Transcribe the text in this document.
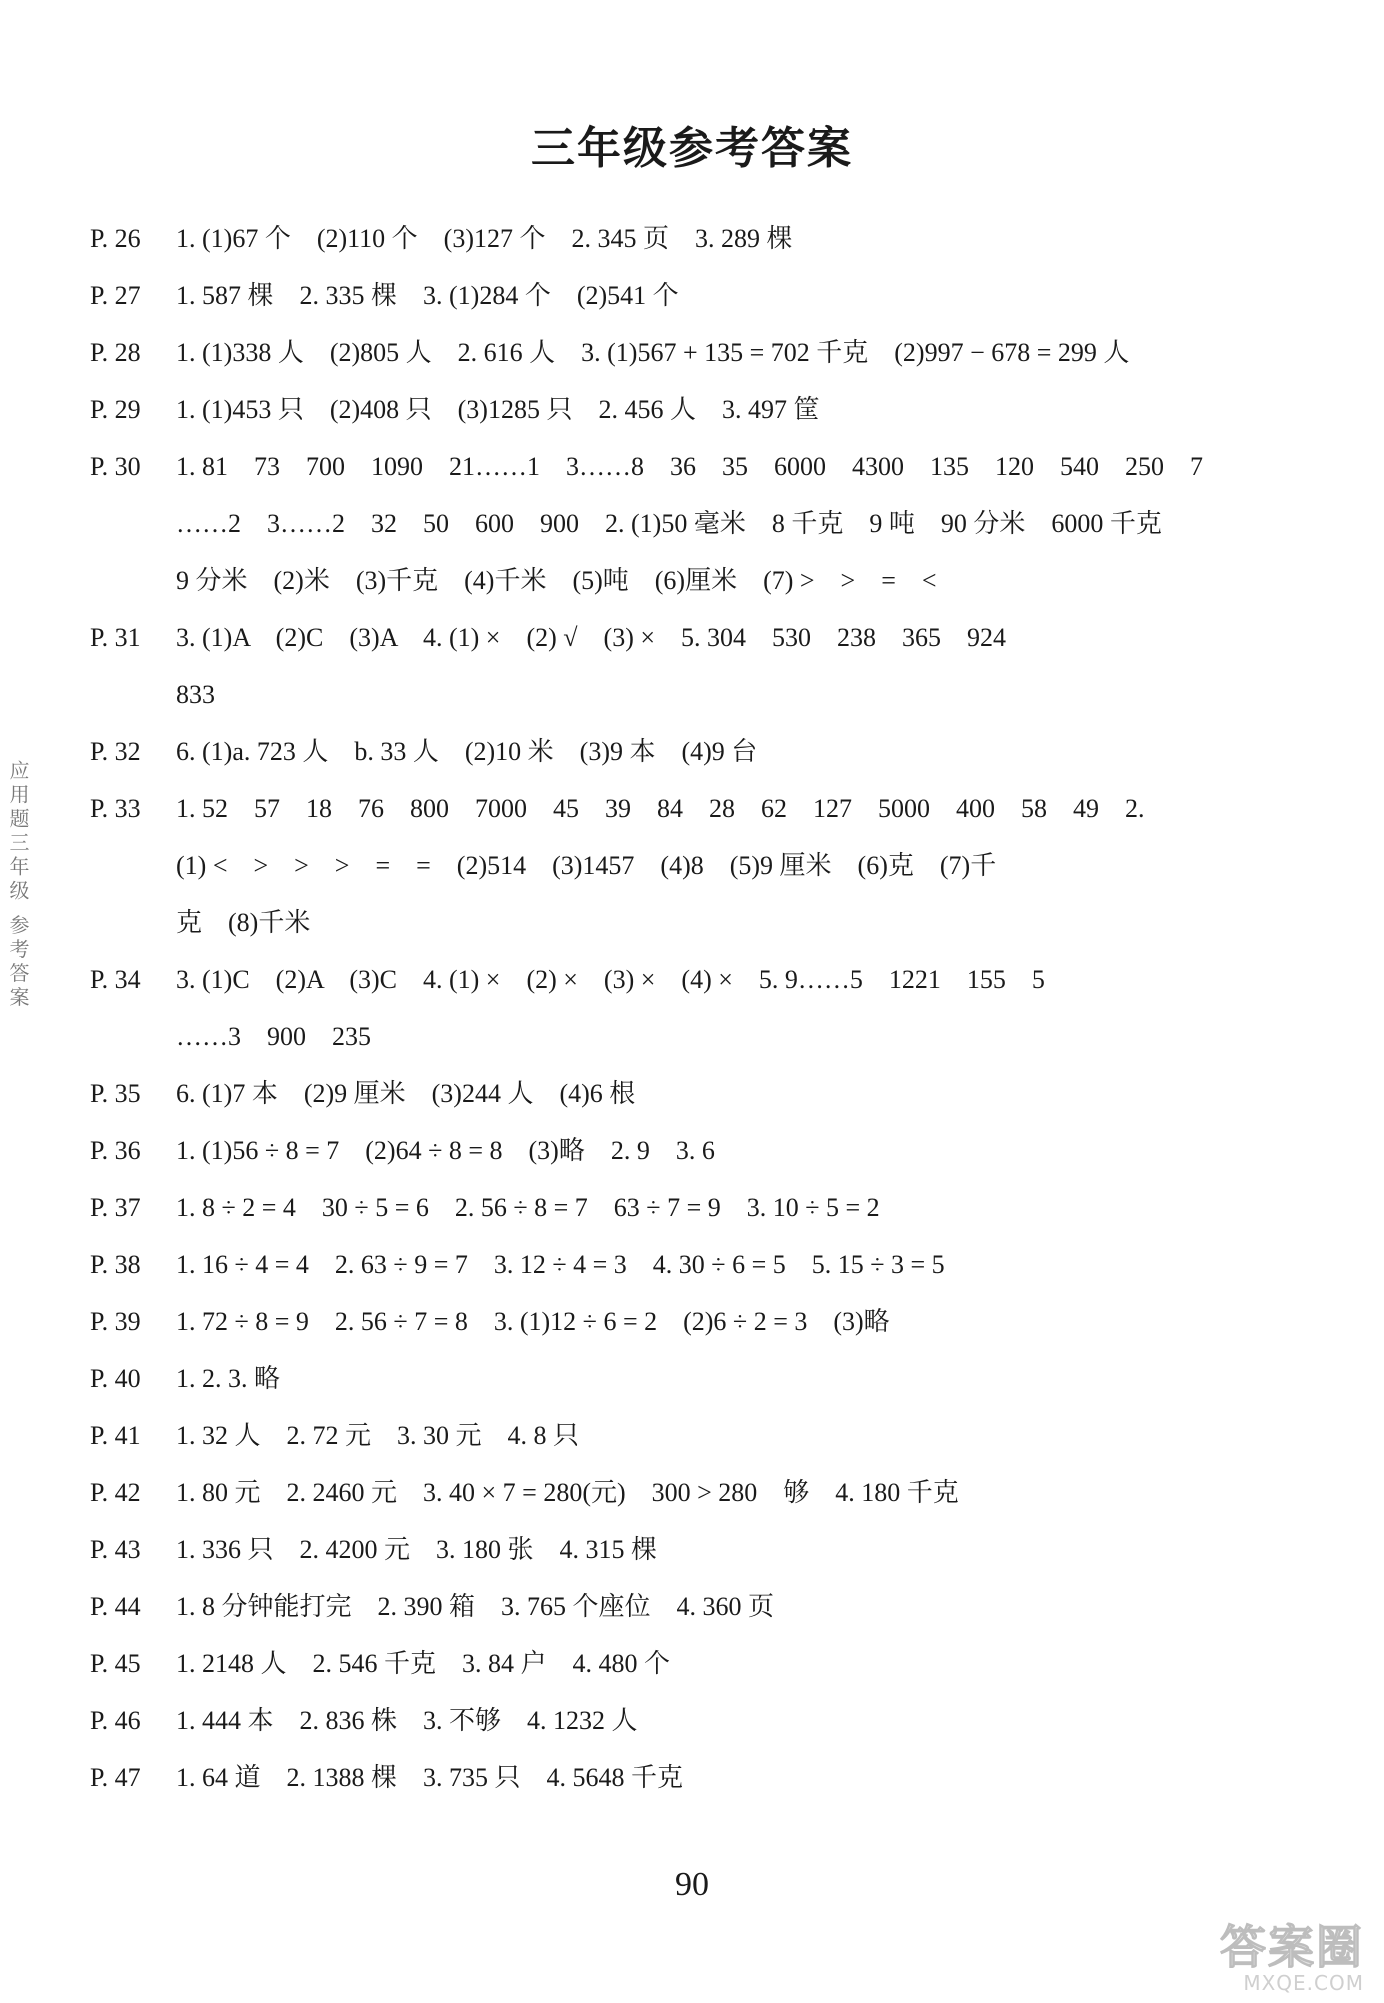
三年级参考答案
应用题三年级 参考答案
P. 26	1. (1)67 个　(2)110 个　(3)127 个　2. 345 页　3. 289 棵
P. 27	1. 587 棵　2. 335 棵　3. (1)284 个　(2)541 个
P. 28	1. (1)338 人　(2)805 人　2. 616 人　3. (1)567 + 135 = 702 千克　(2)997 − 678 = 299 人
P. 29	1. (1)453 只　(2)408 只　(3)1285 只　2. 456 人　3. 497 筐
P. 30	1. 81　73　700　1090　21……1　3……8　36　35　6000　4300　135　120　540　250　7
……2　3……2　32　50　600　900　2. (1)50 毫米　8 千克　9 吨　90 分米　6000 千克
9 分米　(2)米　(3)千克　(4)千米　(5)吨　(6)厘米　(7) >　>　=　<
P. 31	3. (1)A　(2)C　(3)A　4. (1) ×　(2) √　(3) ×　5. 304　530　238　365　924
833
P. 32	6. (1)a. 723 人　b. 33 人　(2)10 米　(3)9 本　(4)9 台
P. 33	1. 52　57　18　76　800　7000　45　39　84　28　62　127　5000　400　58　49　2.
(1) <　>　>　>　=　=　(2)514　(3)1457　(4)8　(5)9 厘米　(6)克　(7)千
克　(8)千米
P. 34	3. (1)C　(2)A　(3)C　4. (1) ×　(2) ×　(3) ×　(4) ×　5. 9……5　1221　155　5
……3　900　235
P. 35	6. (1)7 本　(2)9 厘米　(3)244 人　(4)6 根
P. 36	1. (1)56 ÷ 8 = 7　(2)64 ÷ 8 = 8　(3)略　2. 9　3. 6
P. 37	1. 8 ÷ 2 = 4　30 ÷ 5 = 6　2. 56 ÷ 8 = 7　63 ÷ 7 = 9　3. 10 ÷ 5 = 2
P. 38	1. 16 ÷ 4 = 4　2. 63 ÷ 9 = 7　3. 12 ÷ 4 = 3　4. 30 ÷ 6 = 5　5. 15 ÷ 3 = 5
P. 39	1. 72 ÷ 8 = 9　2. 56 ÷ 7 = 8　3. (1)12 ÷ 6 = 2　(2)6 ÷ 2 = 3　(3)略
P. 40	1. 2. 3. 略
P. 41	1. 32 人　2. 72 元　3. 30 元　4. 8 只
P. 42	1. 80 元　2. 2460 元　3. 40 × 7 = 280(元)　300 > 280　够　4. 180 千克
P. 43	1. 336 只　2. 4200 元　3. 180 张　4. 315 棵
P. 44	1. 8 分钟能打完　2. 390 箱　3. 765 个座位　4. 360 页
P. 45	1. 2148 人　2. 546 千克　3. 84 户　4. 480 个
P. 46	1. 444 本　2. 836 株　3. 不够　4. 1232 人
P. 47	1. 64 道　2. 1388 棵　3. 735 只　4. 5648 千克
90
答案圈
MXQE.COM
